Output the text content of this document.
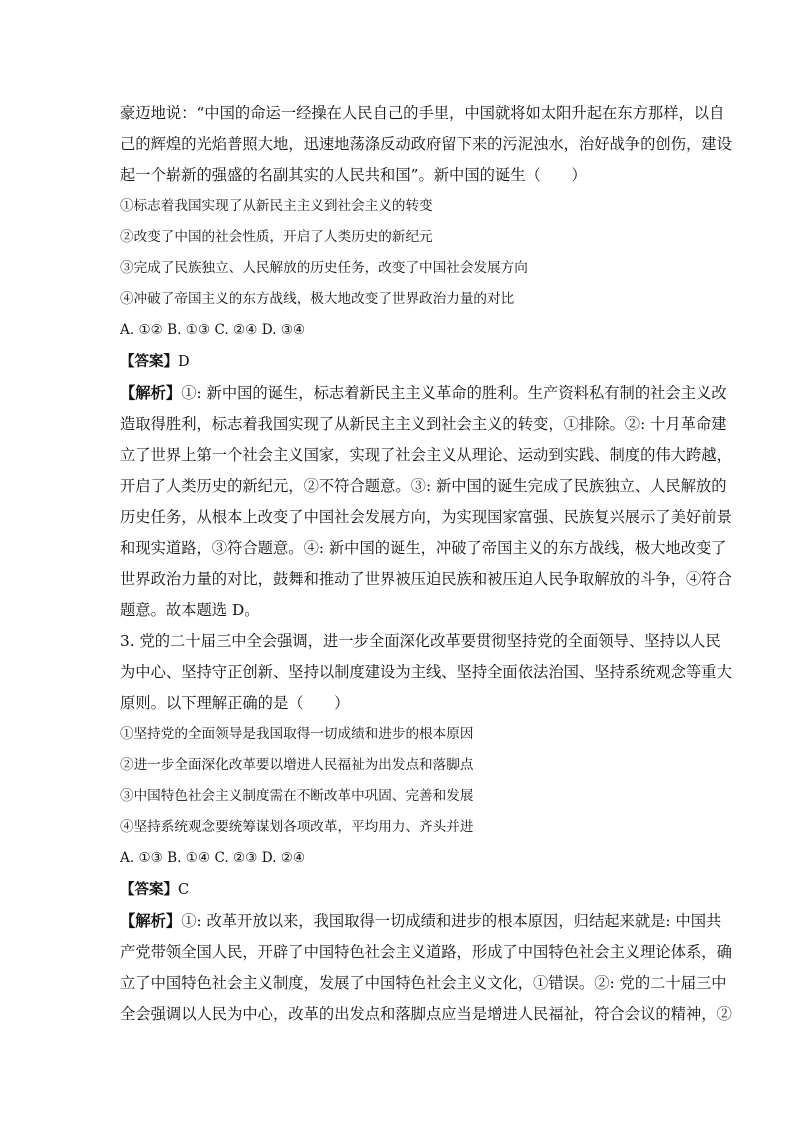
豪迈地说：“中国的命运一经操在人民自己的手里，中国就将如太阳升起在东方那样，以自

己的辉煌的光焰普照大地，迅速地荡涤反动政府留下来的污泥浊水，治好战争的创伤，建设

起一个崭新的强盛的名副其实的人民共和国”。新中国的诞生（　　）

①标志着我国实现了从新民主主义到社会主义的转变

②改变了中国的社会性质，开启了人类历史的新纪元

③完成了民族独立、人民解放的历史任务，改变了中国社会发展方向

④冲破了帝国主义的东方战线，极大地改变了世界政治力量的对比

A. ①② B. ①③ C. ②④ D. ③④

【答案】D

【解析】①: 新中国的诞生，标志着新民主主义革命的胜利。生产资料私有制的社会主义改

造取得胜利，标志着我国实现了从新民主主义到社会主义的转变，①排除。②: 十月革命建

立了世界上第一个社会主义国家，实现了社会主义从理论、运动到实践、制度的伟大跨越，

开启了人类历史的新纪元，②不符合题意。③: 新中国的诞生完成了民族独立、人民解放的

历史任务，从根本上改变了中国社会发展方向，为实现国家富强、民族复兴展示了美好前景

和现实道路，③符合题意。④: 新中国的诞生，冲破了帝国主义的东方战线，极大地改变了

世界政治力量的对比，鼓舞和推动了世界被压迫民族和被压迫人民争取解放的斗争，④符合

题意。故本题选 D。

3. 党的二十届三中全会强调，进一步全面深化改革要贯彻坚持党的全面领导、坚持以人民

为中心、坚持守正创新、坚持以制度建设为主线、坚持全面依法治国、坚持系统观念等重大

原则。以下理解正确的是（　　）

①坚持党的全面领导是我国取得一切成绩和进步的根本原因

②进一步全面深化改革要以增进人民福祉为出发点和落脚点

③中国特色社会主义制度需在不断改革中巩固、完善和发展

④坚持系统观念要统筹谋划各项改革，平均用力、齐头并进

A. ①③ B. ①④ C. ②③ D. ②④

【答案】C

【解析】①: 改革开放以来，我国取得一切成绩和进步的根本原因，归结起来就是: 中国共

产党带领全国人民，开辟了中国特色社会主义道路，形成了中国特色社会主义理论体系，确

立了中国特色社会主义制度，发展了中国特色社会主义文化，①错误。②: 党的二十届三中

全会强调以人民为中心，改革的出发点和落脚点应当是增进人民福祉，符合会议的精神，②
